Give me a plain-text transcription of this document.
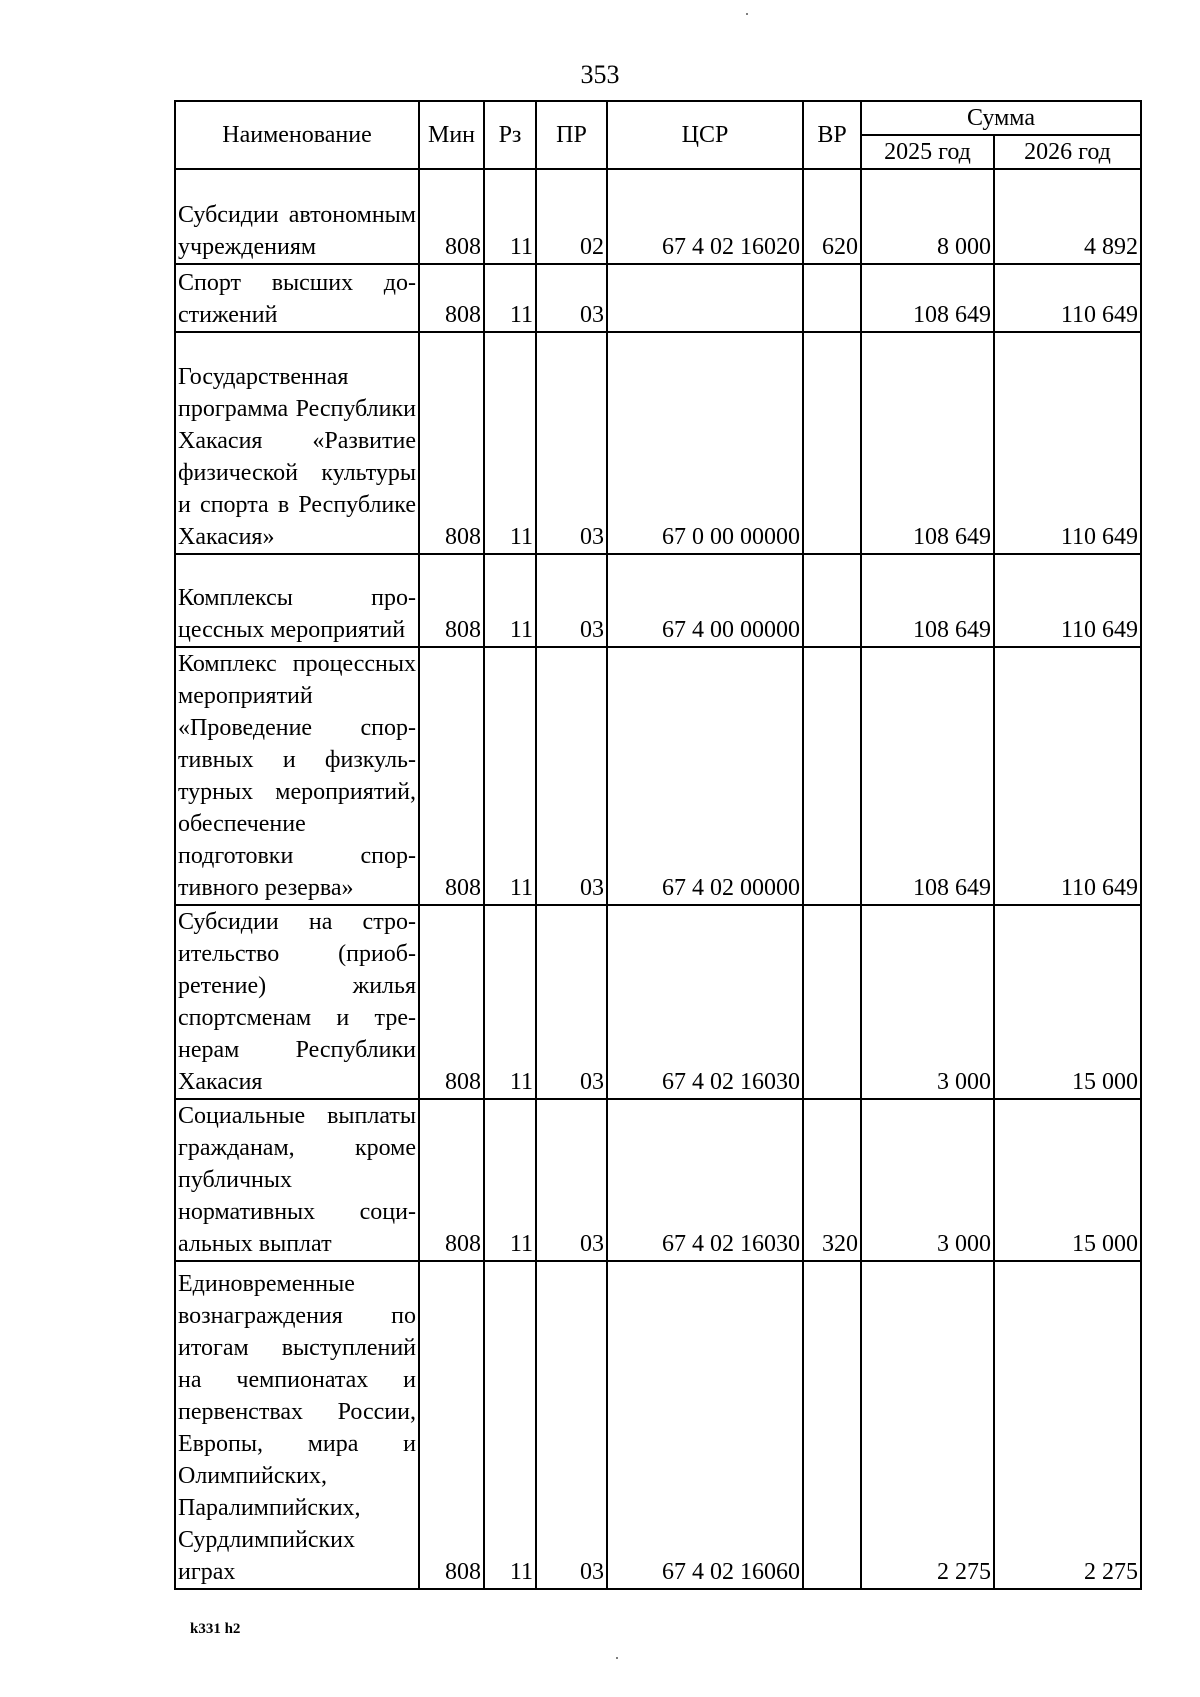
353
Наименование	Мин	Рз	ПР	ЦСР	ВР	Сумма	
						2025 год	2026 год
Субсидии автономным учреждениям	808	11	02	67 4 02 16020	620	8 000	4 892
Спорт высших достижений	808	11	03			108 649	110 649
Государственная программа Республики Хакасия «Развитие физической культуры и спорта в Республике Хакасия»	808	11	03	67 0 00 00000		108 649	110 649
Комплексы процессных мероприятий	808	11	03	67 4 00 00000		108 649	110 649
Комплекс процессных мероприятий «Проведение спортивных и физкультурных мероприятий, обеспечение подготовки спортивного резерва»	808	11	03	67 4 02 00000		108 649	110 649
Субсидии на строительство (приобретение) жилья спортсменам и тренерам Республики Хакасия	808	11	03	67 4 02 16030		3 000	15 000
Социальные выплаты гражданам, кроме публичных нормативных социальных выплат	808	11	03	67 4 02 16030	320	3 000	15 000
Единовременные вознаграждения по итогам выступлений на чемпионатах и первенствах России, Европы, мира и Олимпийских, Паралимпийских, Сурдлимпийских играх	808	11	03	67 4 02 16060		2 275	2 275
k331 h2
